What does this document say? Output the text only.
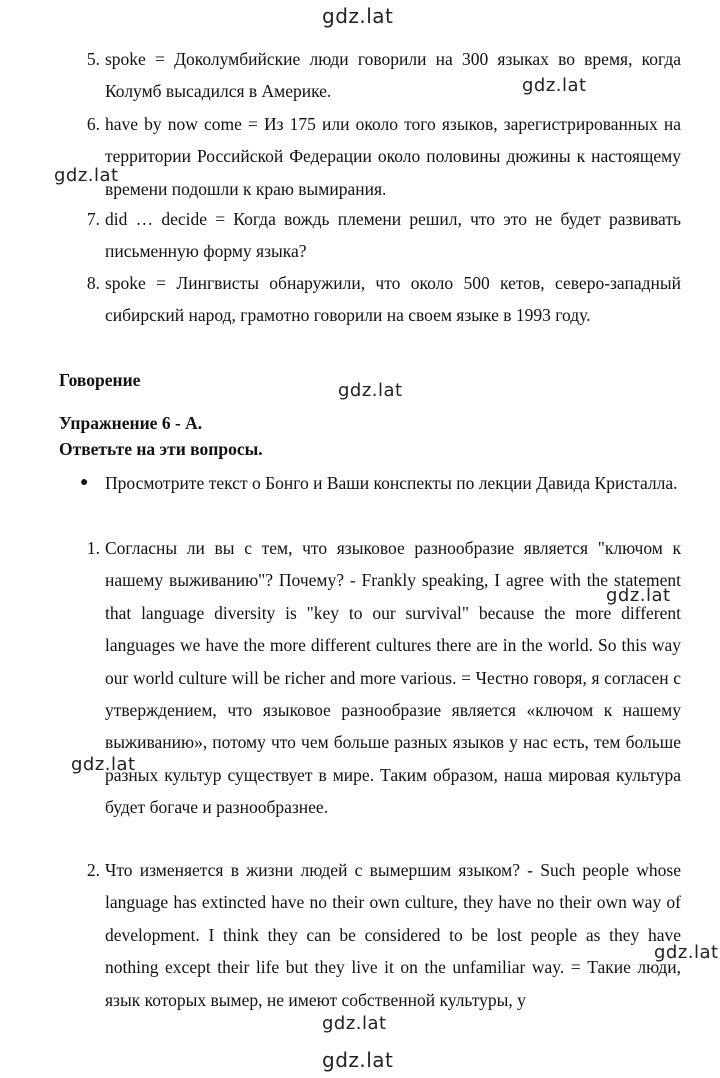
5. spoke = Доколумбийские люди говорили на 300 языках во время, когда Колумб высадился в Америке.
6. have by now come = Из 175 или около того языков, зарегистрированных на территории Российской Федерации около половины дюжины к настоящему времени подошли к краю вымирания.
7. did … decide = Когда вождь племени решил, что это не будет развивать письменную форму языка?
8. spoke = Лингвисты обнаружили, что около 500 кетов, северо-западный сибирский народ, грамотно говорили на своем языке в 1993 году.
Говорение
Упражнение 6 - А.
Ответьте на эти вопросы.
● Просмотрите текст о Бонго и Ваши конспекты по лекции Давида Кристалла.
1. Согласны ли вы с тем, что языковое разнообразие является "ключом к нашему выживанию"? Почему? - Frankly speaking, I agree with the statement that language diversity is "key to our survival" because the more different languages we have the more different cultures there are in the world. So this way our world culture will be richer and more various. = Честно говоря, я согласен с утверждением, что языковое разнообразие является «ключом к нашему выживанию», потому что чем больше разных языков у нас есть, тем больше разных культур существует в мире. Таким образом, наша мировая культура будет богаче и разнообразнее.
2. Что изменяется в жизни людей с вымершим языком? - Such people whose language has extincted have no their own culture, they have no their own way of development. I think they can be considered to be lost people as they have nothing except their life but they live it on the unfamiliar way. = Такие люди, язык которых вымер, не имеют собственной культуры, у
gdz.lat
gdz.lat
gdz.lat
gdz.lat
gdz.lat
gdz.lat
gdz.lat
gdz.lat
gdz.lat
